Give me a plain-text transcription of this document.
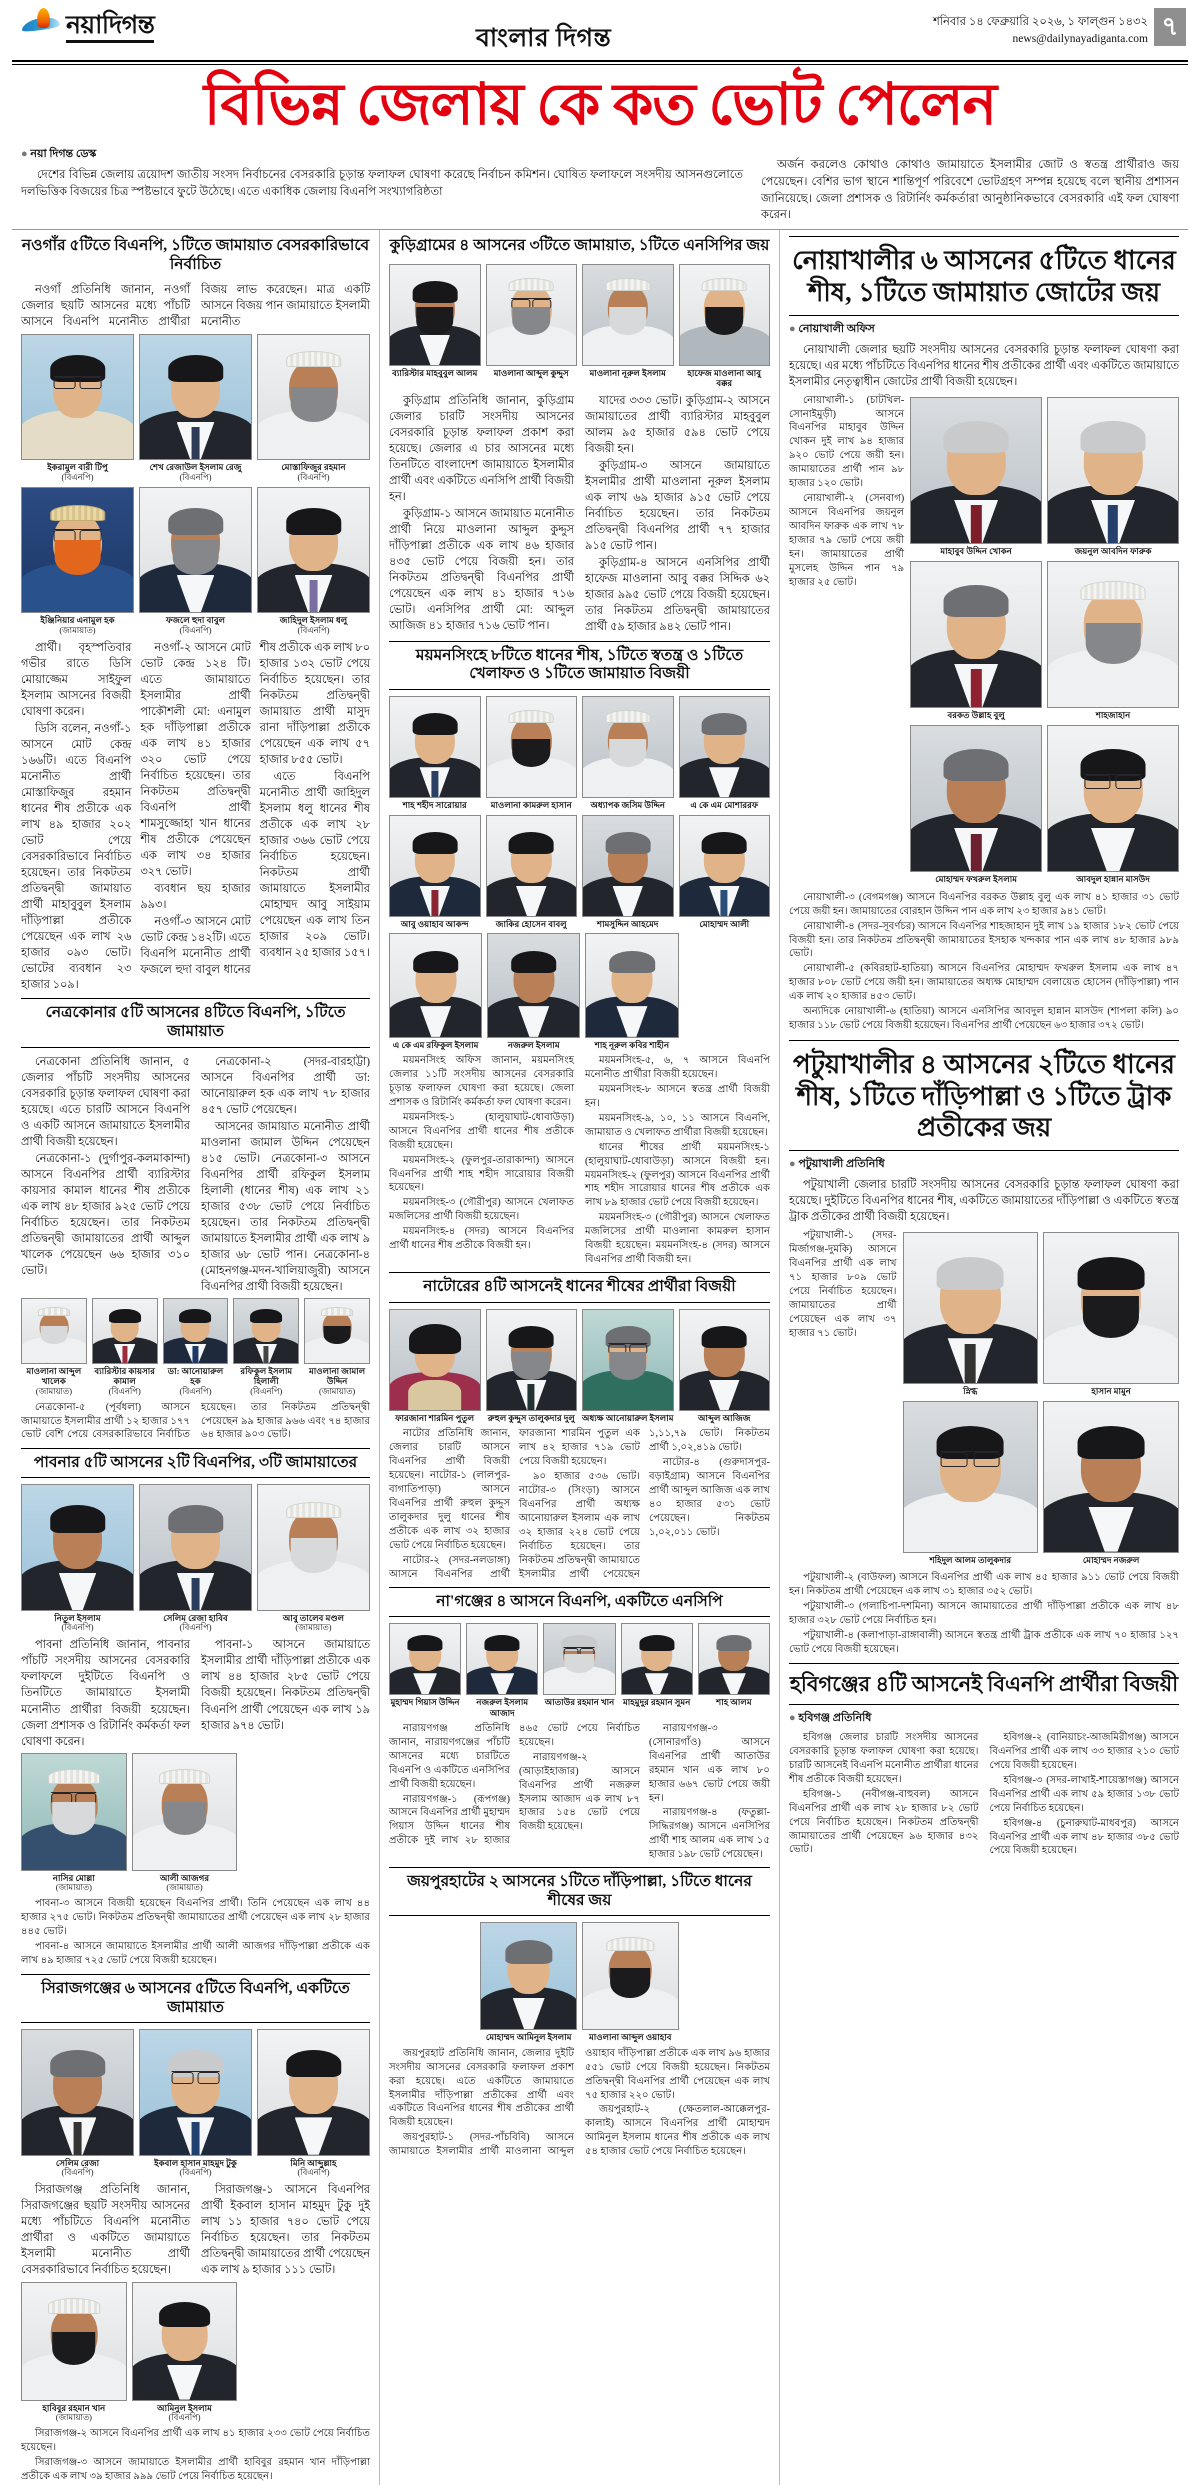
নয়াদিগন্ত	বাংলার দিগন্ত
শনিবার ১৪ ফেব্রুয়ারি ২০২৬, ১ ফাল্গুন ১৪৩২
news@dailynayadiganta.com ৭
বিভিন্ন জেলায় কে কত ভোট পেলেন
● নয়া দিগন্ত ডেস্ক

দেশের বিভিন্ন জেলায় ত্রয়োদশ জাতীয় সংসদ নির্বাচনের বেসরকারি চূড়ান্ত ফলাফল ঘোষণা করেছে নির্বাচন কমিশন। ঘোষিত ফলাফলে সংসদীয় আসনগুলোতে দলভিত্তিক বিজয়ের চিত্র স্পষ্টভাবে ফুটে উঠেছে। এতে একাধিক জেলায় বিএনপি সংখ্যাগরিষ্ঠতা

অর্জন করলেও কোথাও কোথাও জামায়াতে ইসলামীর জোট ও স্বতন্ত্র প্রার্থীরাও জয় পেয়েছেন। বেশির ভাগ স্থানে শান্তিপূর্ণ পরিবেশে ভোটগ্রহণ সম্পন্ন হয়েছে বলে স্থানীয় প্রশাসন জানিয়েছে। জেলা প্রশাসক ও রিটার্নিং কর্মকর্তারা আনুষ্ঠানিকভাবে বেসরকারি এই ফল ঘোষণা করেন।

নওগাঁর ৫টিতে বিএনপি, ১টিতে জামায়াত বেসরকারিভাবে নির্বাচিত

নওগাঁ প্রতিনিধি জানান, নওগাঁ জেলার ছয়টি আসনের মধ্যে পাঁচটি আসনে বিএনপি মনোনীত প্রার্থীরা বিজয় লাভ করেছেন। মাত্র একটি আসনে বিজয় পান জামায়াতে ইসলামী মনোনীত

ইকরামুল বারী টিপু
(বিএনপি)
শেখ রেজাউল ইসলাম রেজু
(বিএনপি)
মোস্তাফিজুর রহমান
(বিএনপি)
ইঞ্জিনিয়ার এনামুল হক
(জামায়াত)
ফজলে হুদা বাবুল
(বিএনপি)
জাহিদুল ইসলাম ধলু
(বিএনপি)

প্রার্থী। বৃহস্পতিবার গভীর রাতে ডিসি মোয়াজ্জেম সাইফুল ইসলাম আসনের বিজয়ী ঘোষণা করেন।

ডিসি বলেন, নওগাঁ-১ আসনে মোট কেন্দ্র ১৬৬টি। এতে বিএনপি মনোনীত প্রার্থী মোস্তাফিজুর রহমান ধানের শীষ প্রতীকে এক লাখ ৪৯ হাজার ২০২ ভোট পেয়ে বেসরকারিভাবে নির্বাচিত হয়েছেন। তার নিকটতম প্রতিদ্বন্দ্বী জামায়াত প্রার্থী মাহাবুবুল ইসলাম দাঁড়িপাল্লা প্রতীকে পেয়েছেন এক লাখ ২৬ হাজার ০৯৩ ভোট। ভোটের ব্যবধান ২৩ হাজার ১০৯।

নওগাঁ-২ আসনে মোট ভোট কেন্দ্র ১২৪ টি। এতে জামায়াতে ইসলামীর প্রার্থী পাকৌশলী মো: এনামুল হক দাঁড়িপাল্লা প্রতীকে এক লাখ ৪১ হাজার ৩২০ ভোট পেয়ে নির্বাচিত হয়েছেন। তার নিকটতম প্রতিদ্বন্দ্বী বিএনপি প্রার্থী শামসুজ্জোহা খান ধানের শীষ প্রতীকে পেয়েছেন এক লাখ ৩৪ হাজার ৩২৭ ভোট।

ব্যবধান ছয় হাজার ৯৯৩।

নওগাঁ-৩ আসনে মোট ভোট কেন্দ্র ১৪২টি। এতে বিএনপি মনোনীত প্রার্থী ফজলে হুদা বাবুল ধানের শীষ প্রতীকে এক লাখ ৮০ হাজার ১৩২ ভোট পেয়ে নির্বাচিত হয়েছেন। তার নিকটতম প্রতিদ্বন্দ্বী জামায়াত প্রার্থী মাসুদ রানা দাঁড়িপাল্লা প্রতীকে পেয়েছেন এক লাখ ৫৭ হাজার ৮৫৫ ভোট।

এতে বিএনপি মনোনীত প্রার্থী জাহিদুল ইসলাম ধলু ধানের শীষ প্রতীকে এক লাখ ২৮ হাজার ৩৬৬ ভোট পেয়ে নির্বাচিত হয়েছেন। নিকটতম প্রার্থী জামায়াতে ইসলামীর মোহাম্মদ আবু সাইয়াম পেয়েছেন এক লাখ তিন হাজার ২০৯ ভোট। ব্যবধান ২৫ হাজার ১৫৭।

নেত্রকোনার ৫টি আসনের ৪টিতে বিএনপি, ১টিতে জামায়াত

নেত্রকোনা প্রতিনিধি জানান, ৫ জেলার পাঁচটি সংসদীয় আসনের বেসরকারি চূড়ান্ত ফলাফল ঘোষণা করা হয়েছে। এতে চারটি আসনে বিএনপি ও একটি আসনে জামায়াতে ইসলামীর প্রার্থী বিজয়ী হয়েছেন।

নেত্রকোনা-১ (দুর্গাপুর-কলমাকান্দা) আসনে বিএনপির প্রার্থী ব্যারিস্টার কায়সার কামাল ধানের শীষ প্রতীকে এক লাখ ৪৮ হাজার ৯২৫ ভোট পেয়ে নির্বাচিত হয়েছেন। তার নিকটতম প্রতিদ্বন্দ্বী জামায়াতের প্রার্থী আব্দুল খালেক পেয়েছেন ৬৬ হাজার ৩১০ ভোট।

নেত্রকোনা-২ (সদর-বারহাট্টা) আসনে বিএনপির প্রার্থী ডা: আনোয়ারুল হক এক লাখ ৭৮ হাজার ৪৫৭ ভোট পেয়েছেন।

আসনের জামায়াত মনোনীত প্রার্থী মাওলানা জামাল উদ্দিন পেয়েছেন ৪১৫ ভোট। নেত্রকোনা-৩ আসনে বিএনপির প্রার্থী রফিকুল ইসলাম হিলালী (ধানের শীষ) এক লাখ ২১ হাজার ৫৩৮ ভোট পেয়ে নির্বাচিত হয়েছেন। তার নিকটতম প্রতিদ্বন্দ্বী জামায়াতে ইসলামীর প্রার্থী এক লাখ ৯ হাজার ৬৮ ভোট পান। নেত্রকোনা-৪ (মোহনগঞ্জ-মদন-খালিয়াজুরী) আসনে বিএনপির প্রার্থী বিজয়ী হয়েছেন।

মাওলানা আব্দুল খালেক
(জামায়াত)
ব্যারিস্টার কায়সার কামাল
(বিএনপি)
ডা: আনোয়ারুল হক
(বিএনপি)
রফিকুল ইসলাম হিলালী
(বিএনপি)
মাওলানা জামাল উদ্দিন
(জামায়াত)

নেত্রকোনা-৫ (পূর্বধলা) আসনে জামায়াতে ইসলামীর প্রার্থী ১২ হাজার ১৭৭ ভোট বেশি পেয়ে বেসরকারিভাবে নির্বাচিত হয়েছেন। তার নিকটতম প্রতিদ্বন্দ্বী পেয়েছেন ৯৯ হাজার ৯৬৬ এবং ৭৪ হাজার ৬৪ হাজার ৯০৩ ভোট।

পাবনার ৫টি আসনের ২টি বিএনপির, ৩টি জামায়াতের
নিতুল ইসলাম
(বিএনপি)
সেলিম রেজা হাবিব
(বিএনপি)
আবু তালেব মণ্ডল
(জামায়াত)

পাবনা প্রতিনিধি জানান, পাবনার পাঁচটি সংসদীয় আসনের বেসরকারি ফলাফলে দুইটিতে বিএনপি ও তিনটিতে জামায়াতে ইসলামী মনোনীত প্রার্থীরা বিজয়ী হয়েছেন। জেলা প্রশাসক ও রিটার্নিং কর্মকর্তা ফল ঘোষণা করেন।

পাবনা-১ আসনে জামায়াতে ইসলামীর প্রার্থী দাঁড়িপাল্লা প্রতীকে এক লাখ ৪৪ হাজার ২৮৫ ভোট পেয়ে বিজয়ী হয়েছেন। নিকটতম প্রতিদ্বন্দ্বী বিএনপি প্রার্থী পেয়েছেন এক লাখ ১৯ হাজার ৯৭৪ ভোট।

নাসির মোল্লা
(জামায়াত)
আলী আজগর
(জামায়াত)

পাবনা-৩ আসনে বিজয়ী হয়েছেন বিএনপির প্রার্থী। তিনি পেয়েছেন এক লাখ ৪৪ হাজার ২৭৫ ভোট। নিকটতম প্রতিদ্বন্দ্বী জামায়াতের প্রার্থী পেয়েছেন এক লাখ ২৮ হাজার ৪৪৫ ভোট।

পাবনা-৪ আসনে জামায়াতে ইসলামীর প্রার্থী আলী আজগর দাঁড়িপাল্লা প্রতীকে এক লাখ ৪৯ হাজার ৭২৫ ভোট পেয়ে বিজয়ী হয়েছেন।

সিরাজগঞ্জের ৬ আসনের ৫টিতে বিএনপি, একটিতে জামায়াত
সেলিম রেজা
(বিএনপি)
ইকবাল হাসান মাহমুদ টুকু
(বিএনপি)
মিনি আব্দুল্লাহ
(বিএনপি)

সিরাজগঞ্জ প্রতিনিধি জানান, সিরাজগঞ্জের ছয়টি সংসদীয় আসনের মধ্যে পাঁচটিতে বিএনপি মনোনীত প্রার্থীরা ও একটিতে জামায়াতে ইসলামী মনোনীত প্রার্থী বেসরকারিভাবে নির্বাচিত হয়েছেন।

সিরাজগঞ্জ-১ আসনে বিএনপির প্রার্থী ইকবাল হাসান মাহমুদ টুকু দুই লাখ ১১ হাজার ৭৪০ ভোট পেয়ে নির্বাচিত হয়েছেন। তার নিকটতম প্রতিদ্বন্দ্বী জামায়াতের প্রার্থী পেয়েছেন এক লাখ ৯ হাজার ১১১ ভোট।

হাবিবুর রহমান খান
(জামায়াত)
আমিনুল ইসলাম
(বিএনপি)

সিরাজগঞ্জ-২ আসনে বিএনপির প্রার্থী এক লাখ ৪১ হাজার ২৩৩ ভোট পেয়ে নির্বাচিত হয়েছেন।

সিরাজগঞ্জ-৩ আসনে জামায়াতে ইসলামীর প্রার্থী হাবিবুর রহমান খান দাঁড়িপাল্লা প্রতীকে এক লাখ ৩৯ হাজার ৯৯৯ ভোট পেয়ে নির্বাচিত হয়েছেন।

কুড়িগ্রামের ৪ আসনের ৩টিতে জামায়াত, ১টিতে এনসিপির জয়
ব্যারিস্টার মাহবুবুল আলম	মাওলানা আব্দুল কুদ্দুস	মাওলানা নূরুল ইসলাম	হাফেজ মাওলানা আবু বক্কর

কুড়িগ্রাম প্রতিনিধি জানান, কুড়িগ্রাম জেলার চারটি সংসদীয় আসনের বেসরকারি চূড়ান্ত ফলাফল প্রকাশ করা হয়েছে। জেলার এ চার আসনের মধ্যে তিনটিতে বাংলাদেশ জামায়াতে ইসলামীর প্রার্থী এবং একটিতে এনসিপি প্রার্থী বিজয়ী হন।

কুড়িগ্রাম-১ আসনে জামায়াত মনোনীত প্রার্থী নিয়ে মাওলানা আব্দুল কুদ্দুস দাঁড়িপাল্লা প্রতীকে এক লাখ ৪৬ হাজার ৪৩৫ ভোট পেয়ে বিজয়ী হন। তার নিকটতম প্রতিদ্বন্দ্বী বিএনপির প্রার্থী পেয়েছেন এক লাখ ৪১ হাজার ৭১৬ ভোট। এনসিপির প্রার্থী মো: আব্দুল আজিজ ৪১ হাজার ৭১৬ ভোট পান।

যাদের ৩৩৩ ভোট। কুড়িগ্রাম-২ আসনে জামায়াতের প্রার্থী ব্যারিস্টার মাহবুবুল আলম ৯৫ হাজার ৫৯৪ ভোট পেয়ে বিজয়ী হন।

কুড়িগ্রাম-৩ আসনে জামায়াতে ইসলামীর প্রার্থী মাওলানা নূরুল ইসলাম এক লাখ ৬৯ হাজার ৯১৫ ভোট পেয়ে নির্বাচিত হয়েছেন। তার নিকটতম প্রতিদ্বন্দ্বী বিএনপির প্রার্থী ৭৭ হাজার ৯১৫ ভোট পান।

কুড়িগ্রাম-৪ আসনে এনসিপির প্রার্থী হাফেজ মাওলানা আবু বক্কর সিদ্দিক ৬২ হাজার ৯৯৫ ভোট পেয়ে বিজয়ী হয়েছেন। তার নিকটতম প্রতিদ্বন্দ্বী জামায়াতের প্রার্থী ৫৯ হাজার ৯৪২ ভোট পান।

ময়মনসিংহে ৮টিতে ধানের শীষ, ১টিতে স্বতন্ত্র ও ১টিতে খেলাফত ও ১টিতে জামায়াত বিজয়ী
শাহ শহীদ সারোয়ার	মাওলানা কামরুল হাসান	অধ্যাপক জসিম উদ্দিন	এ কে এম মোশাররফ
আবু ওয়াহাব আকন্দ	জাকির হোসেন বাবলু	শামসুদ্দিন আহমেদ	মোহাম্মদ আলী
এ কে এম রফিকুল ইসলাম	নজরুল ইসলাম	শাহ নূরুল কবির শাহীন

ময়মনসিংহ অফিস জানান, ময়মনসিংহ জেলার ১১টি সংসদীয় আসনের বেসরকারি চূড়ান্ত ফলাফল ঘোষণা করা হয়েছে। জেলা প্রশাসক ও রিটার্নিং কর্মকর্তা ফল ঘোষণা করেন।

ময়মনসিংহ-১ (হালুয়াঘাট-ধোবাউড়া) আসনে বিএনপির প্রার্থী ধানের শীষ প্রতীকে বিজয়ী হয়েছেন।

ময়মনসিংহ-২ (ফুলপুর-তারাকান্দা) আসনে বিএনপির প্রার্থী শাহ শহীদ সারোয়ার বিজয়ী হয়েছেন।

ময়মনসিংহ-৩ (গৌরীপুর) আসনে খেলাফত মজলিসের প্রার্থী বিজয়ী হয়েছেন।

ময়মনসিংহ-৪ (সদর) আসনে বিএনপির প্রার্থী ধানের শীষ প্রতীকে বিজয়ী হন।

ময়মনসিংহ-৫, ৬, ৭ আসনে বিএনপি মনোনীত প্রার্থীরা বিজয়ী হয়েছেন।

ময়মনসিংহ-৮ আসনে স্বতন্ত্র প্রার্থী বিজয়ী হন।

ময়মনসিংহ-৯, ১০, ১১ আসনে বিএনপি, জামায়াত ও খেলাফত প্রার্থীরা বিজয়ী হয়েছেন।

ধানের শীষের প্রার্থী ময়মনসিংহ-১ (হালুয়াঘাট-ধোবাউড়া) আসনে বিজয়ী হন। ময়মনসিংহ-২ (ফুলপুর) আসনে বিএনপির প্রার্থী শাহ শহীদ সারোয়ার ধানের শীষ প্রতীকে এক লাখ ৮৯ হাজার ভোট পেয়ে বিজয়ী হয়েছেন।

ময়মনসিংহ-৩ (গৌরীপুর) আসনে খেলাফত মজলিসের প্রার্থী মাওলানা কামরুল হাসান বিজয়ী হয়েছেন। ময়মনসিংহ-৪ (সদর) আসনে বিএনপির প্রার্থী বিজয়ী হন।

নাটোরের ৪টি আসনেই ধানের শীষের প্রার্থীরা বিজয়ী
ফারজানা শারমিন পুতুল	রুহুল কুদ্দুস তালুকদার দুলু অধ্যক্ষ আনোয়ারুল ইসলাম	আব্দুল আজিজ

নাটোর প্রতিনিধি জানান, জেলার চারটি আসনে বিএনপির প্রার্থী বিজয়ী হয়েছেন। নাটোর-১ (লালপুর-বাগাতিপাড়া) আসনে বিএনপির প্রার্থী রুহুল কুদ্দুস তালুকদার দুলু ধানের শীষ প্রতীকে এক লাখ ৩২ হাজার ভোট পেয়ে নির্বাচিত হয়েছেন।

নাটোর-২ (সদর-নলডাঙ্গা) আসনে বিএনপির প্রার্থী ফারজানা শারমিন পুতুল এক লাখ ৪২ হাজার ৭১৯ ভোট পেয়ে বিজয়ী হয়েছেন।

৯০ হাজার ৫৩৬ ভোট। নাটোর-৩ (সিংড়া) আসনে বিএনপির প্রার্থী অধ্যক্ষ আনোয়ারুল ইসলাম এক লাখ ৩২ হাজার ২২৪ ভোট পেয়ে নির্বাচিত হয়েছেন। তার নিকটতম প্রতিদ্বন্দ্বী জামায়াতে ইসলামীর প্রার্থী পেয়েছেন ১,১১,৭৯ ভোট। নিকটতম প্রার্থী ১,০২,৪১৯ ভোট।

নাটোর-৪ (গুরুদাসপুর-বড়াইগ্রাম) আসনে বিএনপির প্রার্থী আব্দুল আজিজ এক লাখ ৪০ হাজার ৫৩১ ভোট পেয়েছেন। নিকটতম ১,০২,০১১ ভোট।

না'গঞ্জের ৪ আসনে বিএনপি, একটিতে এনসিপি
মুহাম্মদ গিয়াস উদ্দিন	নজরুল ইসলাম আজাদ
আতাউর রহমান খান মাহমুদুর রহমান সুমন	শাহ আলম

নারায়ণগঞ্জ প্রতিনিধি জানান, নারায়ণগঞ্জের পাঁচটি আসনের মধ্যে চারটিতে বিএনপি ও একটিতে এনসিপির প্রার্থী বিজয়ী হয়েছেন।

নারায়ণগঞ্জ-১ (রূপগঞ্জ) আসনে বিএনপির প্রার্থী মুহাম্মদ গিয়াস উদ্দিন ধানের শীষ প্রতীকে দুই লাখ ২৮ হাজার ৪৬৫ ভোট পেয়ে নির্বাচিত হয়েছেন।

নারায়ণগঞ্জ-২ (আড়াইহাজার) আসনে বিএনপির প্রার্থী নজরুল ইসলাম আজাদ এক লাখ ৮৭ হাজার ১৫৪ ভোট পেয়ে বিজয়ী হয়েছেন।

নারায়ণগঞ্জ-৩ (সোনারগাঁও) আসনে বিএনপির প্রার্থী আতাউর রহমান খান এক লাখ ৮০ হাজার ৬৬৭ ভোট পেয়ে জয়ী হন।

নারায়ণগঞ্জ-৪ (ফতুল্লা-সিদ্ধিরগঞ্জ) আসনে এনসিপির প্রার্থী শাহ আলম এক লাখ ১৫ হাজার ১৯৮ ভোট পেয়েছেন।

জয়পুরহাটের ২ আসনের ১টিতে দাঁড়িপাল্লা, ১টিতে ধানের শীষের জয়
মোহাম্মদ আমিনুল ইসলাম	মাওলানা আব্দুল ওয়াহাব

জয়পুরহাট প্রতিনিধি জানান, জেলার দুইটি সংসদীয় আসনের বেসরকারি ফলাফল প্রকাশ করা হয়েছে। এতে একটিতে জামায়াতে ইসলামীর দাঁড়িপাল্লা প্রতীকের প্রার্থী এবং একটিতে বিএনপির ধানের শীষ প্রতীকের প্রার্থী বিজয়ী হয়েছেন।

জয়পুরহাট-১ (সদর-পাঁচবিবি) আসনে জামায়াতে ইসলামীর প্রার্থী মাওলানা আব্দুল ওয়াহাব দাঁড়িপাল্লা প্রতীকে এক লাখ ৯৬ হাজার ৫৫১ ভোট পেয়ে বিজয়ী হয়েছেন। নিকটতম প্রতিদ্বন্দ্বী বিএনপির প্রার্থী পেয়েছেন এক লাখ ৭৫ হাজার ২২০ ভোট।

জয়পুরহাট-২ (ক্ষেতলাল-আক্কেলপুর-কালাই) আসনে বিএনপির প্রার্থী মোহাম্মদ আমিনুল ইসলাম ধানের শীষ প্রতীকে এক লাখ ৫৪ হাজার ভোট পেয়ে নির্বাচিত হয়েছেন।

নোয়াখালীর ৬ আসনের ৫টিতে ধানের শীষ, ১টিতে জামায়াত জোটের জয়
● নোয়াখালী অফিস

নোয়াখালী জেলার ছয়টি সংসদীয় আসনের বেসরকারি চূড়ান্ত ফলাফল ঘোষণা করা হয়েছে। এর মধ্যে পাঁচটিতে বিএনপির ধানের শীষ প্রতীকের প্রার্থী এবং একটিতে জামায়াতে ইসলামীর নেতৃত্বাধীন জোটের প্রার্থী বিজয়ী হয়েছেন।

নোয়াখালী-১ (চাটখিল-সোনাইমুড়ী) আসনে বিএনপির মাহাবুব উদ্দিন খোকন দুই লাখ ৯৪ হাজার ৯২০ ভোট পেয়ে জয়ী হন। জামায়াতের প্রার্থী পান ৯৮ হাজার ১২০ ভোট।

নোয়াখালী-২ (সেনবাগ) আসনে বিএনপির জয়নুল আবদিন ফারুক এক লাখ ৭৮ হাজার ৭৯ ভোট পেয়ে জয়ী হন। জামায়াতের প্রার্থী মুসলেহ উদ্দিন পান ৭৯ হাজার ২৫ ভোট।

মাহাবুব উদ্দিন খোকন	জয়নুল আবদিন ফারুক
বরকত উল্লাহ বুলু	শাহজাহান
মোহাম্মদ ফখরুল ইসলাম	আবদুল হান্নান মাসউদ

নোয়াখালী-৩ (বেগমগঞ্জ) আসনে বিএনপির বরকত উল্লাহ বুলু এক লাখ ৪১ হাজার ৩১ ভোট পেয়ে জয়ী হন। জামায়াতের বোরহান উদ্দিন পান এক লাখ ২৩ হাজার ৯৪১ ভোট।

নোয়াখালী-৪ (সদর-সূবর্ণচর) আসনে বিএনপির শাহজাহান দুই লাখ ১৯ হাজার ১৮২ ভোট পেয়ে বিজয়ী হন। তার নিকটতম প্রতিদ্বন্দ্বী জামায়াতের ইসহাক খন্দকার পান এক লাখ ৪৮ হাজার ৯৮৯ ভোট।

নোয়াখালী-৫ (কবিরহাট-হাতিয়া) আসনে বিএনপির মোহাম্মদ ফখরুল ইসলাম এক লাখ ৪৭ হাজার ৮০৮ ভোট পেয়ে জয়ী হন। জামায়াতের অধ্যক্ষ মোহাম্মদ বেলায়েত হোসেন (দাঁড়িপাল্লা) পান এক লাখ ২০ হাজার ৪৫৩ ভোট।

অন্যদিকে নোয়াখালী-৬ (হাতিয়া) আসনে এনসিপির আবদুল হান্নান মাসউদ (শাপলা কলি) ৯০ হাজার ১১৮ ভোট পেয়ে বিজয়ী হয়েছেন। বিএনপির প্রার্থী পেয়েছেন ৬৩ হাজার ৩৭২ ভোট।

পটুয়াখালীর ৪ আসনের ২টিতে ধানের শীষ, ১টিতে দাঁড়িপাল্লা ও ১টিতে ট্রাক প্রতীকের জয়
● পটুয়াখালী প্রতিনিধি

পটুয়াখালী জেলার চারটি সংসদীয় আসনের বেসরকারি চূড়ান্ত ফলাফল ঘোষণা করা হয়েছে। দুইটিতে বিএনপির ধানের শীষ, একটিতে জামায়াতের দাঁড়িপাল্লা ও একটিতে স্বতন্ত্র ট্রাক প্রতীকের প্রার্থী বিজয়ী হয়েছেন।

পটুয়াখালী-১ (সদর-মির্জাগঞ্জ-দুমকি) আসনে বিএনপির প্রার্থী এক লাখ ৭১ হাজার ৮০৯ ভোট পেয়ে নির্বাচিত হয়েছেন। জামায়াতের প্রার্থী পেয়েছেন এক লাখ ৩৭ হাজার ৭১ ভোট।

স্নিগ্ধ	হাসান মামুন
শহিদুল আলম তালুকদার	মোহাম্মদ নজরুল

পটুয়াখালী-২ (বাউফল) আসনে বিএনপির প্রার্থী এক লাখ ৪৫ হাজার ৯১১ ভোট পেয়ে বিজয়ী হন। নিকটতম প্রার্থী পেয়েছেন এক লাখ ৩১ হাজার ৩৫২ ভোট।

পটুয়াখালী-৩ (গলাচিপা-দশমিনা) আসনে জামায়াতের প্রার্থী দাঁড়িপাল্লা প্রতীকে এক লাখ ৪৮ হাজার ৩২৮ ভোট পেয়ে নির্বাচিত হন।

পটুয়াখালী-৪ (কলাপাড়া-রাঙ্গাবালী) আসনে স্বতন্ত্র প্রার্থী ট্রাক প্রতীকে এক লাখ ৭০ হাজার ১২৭ ভোট পেয়ে বিজয়ী হয়েছেন।

হবিগঞ্জের ৪টি আসনেই বিএনপি প্রার্থীরা বিজয়ী
● হবিগঞ্জ প্রতিনিধি

হবিগঞ্জ জেলার চারটি সংসদীয় আসনের বেসরকারি চূড়ান্ত ফলাফল ঘোষণা করা হয়েছে। চারটি আসনেই বিএনপি মনোনীত প্রার্থীরা ধানের শীষ প্রতীকে বিজয়ী হয়েছেন।

হবিগঞ্জ-১ (নবীগঞ্জ-বাহুবল) আসনে বিএনপির প্রার্থী এক লাখ ২৮ হাজার ৮২ ভোট পেয়ে নির্বাচিত হয়েছেন। নিকটতম প্রতিদ্বন্দ্বী জামায়াতের প্রার্থী পেয়েছেন ৯৬ হাজার ৪৩২ ভোট।

হবিগঞ্জ-২ (বানিয়াচং-আজমিরীগঞ্জ) আসনে বিএনপির প্রার্থী এক লাখ ৩৩ হাজার ২১০ ভোট পেয়ে বিজয়ী হয়েছেন।

হবিগঞ্জ-৩ (সদর-লাখাই-শায়েস্তাগঞ্জ) আসনে বিএনপির প্রার্থী এক লাখ ৫৯ হাজার ১৩৮ ভোট পেয়ে নির্বাচিত হয়েছেন।

হবিগঞ্জ-৪ (চুনারুঘাট-মাধবপুর) আসনে বিএনপির প্রার্থী এক লাখ ৪৮ হাজার ৩৮৫ ভোট পেয়ে বিজয়ী হয়েছেন।
